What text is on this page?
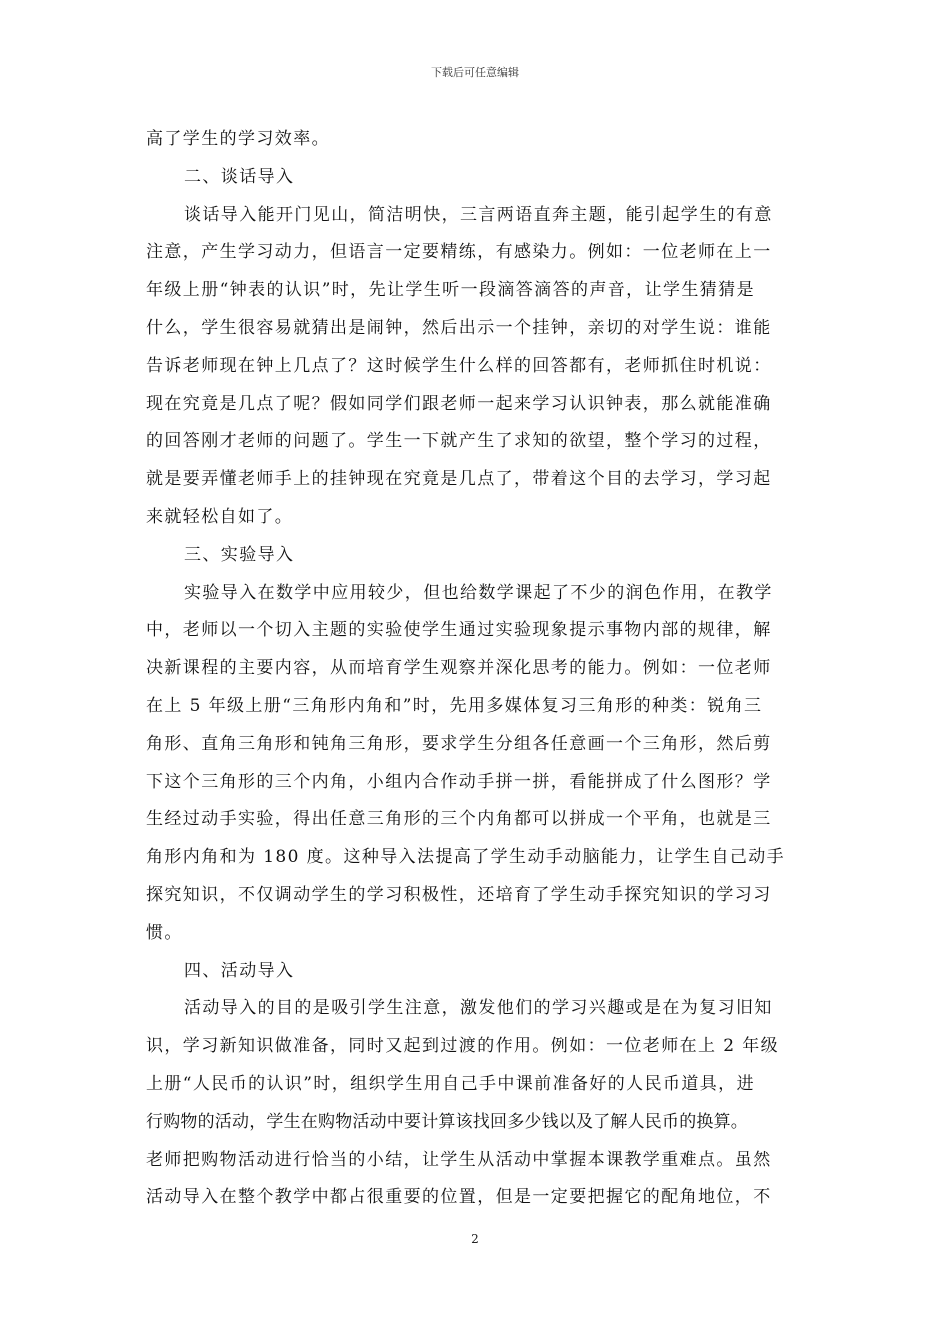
下载后可任意编辑

高了学生的学习效率。

二、谈话导入

谈话导入能开门见山，简洁明快，三言两语直奔主题，能引起学生的有意
注意，产生学习动力，但语言一定要精练，有感染力。例如：一位老师在上一
年级上册“钟表的认识”时，先让学生听一段滴答滴答的声音，让学生猜猜是
什么，学生很容易就猜出是闹钟，然后出示一个挂钟，亲切的对学生说：谁能
告诉老师现在钟上几点了？这时候学生什么样的回答都有，老师抓住时机说：
现在究竟是几点了呢？假如同学们跟老师一起来学习认识钟表，那么就能准确
的回答刚才老师的问题了。学生一下就产生了求知的欲望，整个学习的过程，
就是要弄懂老师手上的挂钟现在究竟是几点了，带着这个目的去学习，学习起
来就轻松自如了。

三、实验导入

实验导入在数学中应用较少，但也给数学课起了不少的润色作用，在教学
中，老师以一个切入主题的实验使学生通过实验现象提示事物内部的规律，解
决新课程的主要内容，从而培育学生观察并深化思考的能力。例如：一位老师
在上 5 年级上册“三角形内角和”时，先用多媒体复习三角形的种类：锐角三
角形、直角三角形和钝角三角形，要求学生分组各任意画一个三角形，然后剪
下这个三角形的三个内角，小组内合作动手拼一拼，看能拼成了什么图形？学
生经过动手实验，得出任意三角形的三个内角都可以拼成一个平角，也就是三
角形内角和为 180 度。这种导入法提高了学生动手动脑能力，让学生自己动手
探究知识，不仅调动学生的学习积极性，还培育了学生动手探究知识的学习习
惯。

四、活动导入

活动导入的目的是吸引学生注意，激发他们的学习兴趣或是在为复习旧知
识，学习新知识做准备，同时又起到过渡的作用。例如：一位老师在上 2 年级
上册“人民币的认识”时，组织学生用自己手中课前准备好的人民币道具，进
行购物的活动，学生在购物活动中要计算该找回多少钱以及了解人民币的换算。
老师把购物活动进行恰当的小结，让学生从活动中掌握本课教学重难点。虽然
活动导入在整个教学中都占很重要的位置，但是一定要把握它的配角地位，不

2
